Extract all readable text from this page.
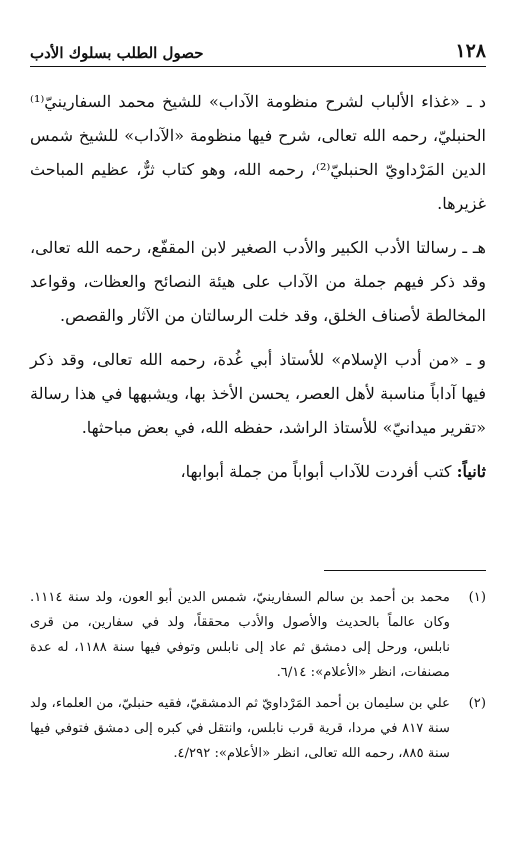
١٢٨
حصول الطلب بسلوك الأدب

د ـ «غذاء الألباب لشرح منظومة الآداب» للشيخ محمد السفارينيّ⁽¹⁾ الحنبليّ، رحمه الله تعالى، شرح فيها منظومة «الآداب» للشيخ شمس الدين المَرْداويّ الحنبليّ⁽²⁾، رحمه الله، وهو كتاب ثرٌّ، عظيم المباحث غزيرها.

هـ ـ رسالتا الأدب الكبير والأدب الصغير لابن المقفّع، رحمه الله تعالى، وقد ذكر فيهم جملة من الآداب على هيئة النصائح والعظات، وقواعد المخالطة لأصناف الخلق، وقد خلت الرسالتان من الآثار والقصص.

و ـ «من أدب الإسلام» للأستاذ أبي غُدة، رحمه الله تعالى، وقد ذكر فيها آداباً مناسبة لأهل العصر، يحسن الأخذ بها، ويشبهها في هذا رسالة «تقرير ميدانيّ» للأستاذ الراشد، حفظه الله، في بعض مباحثها.

ثانياً: كتب أفردت للآداب أبواباً من جملة أبوابها،

(١)
محمد بن أحمد بن سالم السفارينيّ، شمس الدين أبو العون، ولد سنة ١١١٤. وكان عالماً بالحديث والأصول والأدب محققاً، ولد في سفارين، من قرى نابلس، ورحل إلى دمشق ثم عاد إلى نابلس وتوفي فيها سنة ١١٨٨، له عدة مصنفات، انظر «الأعلام»: ٦/١٤.
(٢)
علي بن سليمان بن أحمد المَرْداويّ ثم الدمشقيّ، فقيه حنبليّ، من العلماء، ولد سنة ٨١٧ في مردا، قرية قرب نابلس، وانتقل في كبره إلى دمشق فتوفي فيها سنة ٨٨٥، رحمه الله تعالى، انظر «الأعلام»: ٤/٢٩٢.
